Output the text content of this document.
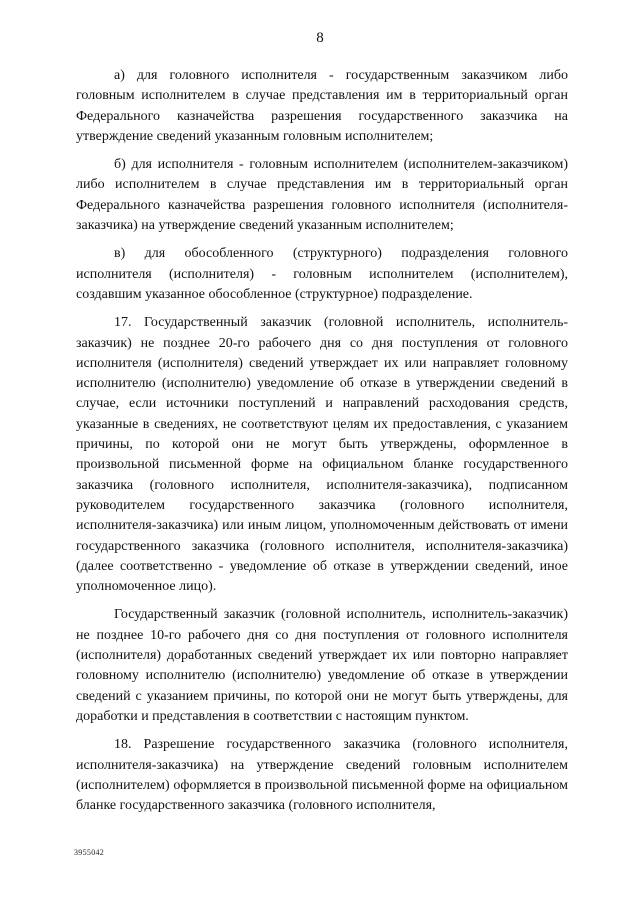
8

а) для головного исполнителя - государственным заказчиком либо головным исполнителем в случае представления им в территориальный орган Федерального казначейства разрешения государственного заказчика на утверждение сведений указанным головным исполнителем;

б) для исполнителя - головным исполнителем (исполнителем-заказчиком) либо исполнителем в случае представления им в территориальный орган Федерального казначейства разрешения головного исполнителя (исполнителя-заказчика) на утверждение сведений указанным исполнителем;

в) для обособленного (структурного) подразделения головного исполнителя (исполнителя) - головным исполнителем (исполнителем), создавшим указанное обособленное (структурное) подразделение.

17. Государственный заказчик (головной исполнитель, исполнитель-заказчик) не позднее 20-го рабочего дня со дня поступления от головного исполнителя (исполнителя) сведений утверждает их или направляет головному исполнителю (исполнителю) уведомление об отказе в утверждении сведений в случае, если источники поступлений и направлений расходования средств, указанные в сведениях, не соответствуют целям их предоставления, с указанием причины, по которой они не могут быть утверждены, оформленное в произвольной письменной форме на официальном бланке государственного заказчика (головного исполнителя, исполнителя-заказчика), подписанном руководителем государственного заказчика (головного исполнителя, исполнителя-заказчика) или иным лицом, уполномоченным действовать от имени государственного заказчика (головного исполнителя, исполнителя-заказчика) (далее соответственно - уведомление об отказе в утверждении сведений, иное уполномоченное лицо).

Государственный заказчик (головной исполнитель, исполнитель-заказчик) не позднее 10-го рабочего дня со дня поступления от головного исполнителя (исполнителя) доработанных сведений утверждает их или повторно направляет головному исполнителю (исполнителю) уведомление об отказе в утверждении сведений с указанием причины, по которой они не могут быть утверждены, для доработки и представления в соответствии с настоящим пунктом.

18. Разрешение государственного заказчика (головного исполнителя, исполнителя-заказчика) на утверждение сведений головным исполнителем (исполнителем) оформляется в произвольной письменной форме на официальном бланке государственного заказчика (головного исполнителя,

3955042
